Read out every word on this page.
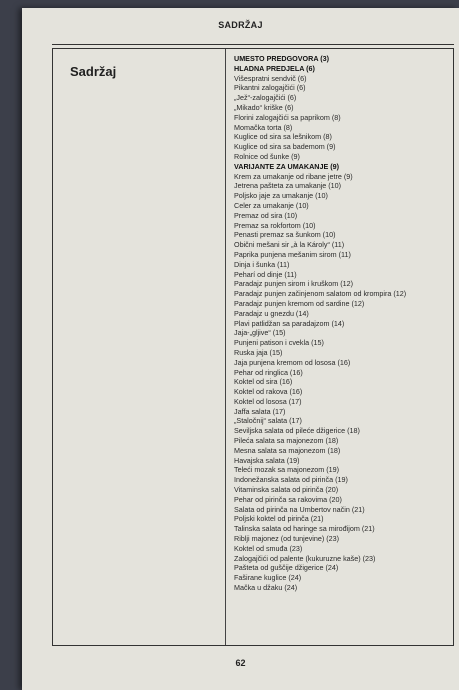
SADRŽAJ
Sadržaj
UMESTO PREDGOVORA (3)
HLADNA PREDJELA (6)
Višespratni sendvič (6)
Pikantni zalogajčići (6)
„Jež“-zalogajčići (6)
„Mikado“ kriške (6)
Florini zalogajčići sa paprikom (8)
Momačka torta (8)
Kuglice od sira sa lešnikom (8)
Kuglice od sira sa bademom (9)
Rolnice od šunke (9)
VARIJANTE ZA UMAKANJE (9)
Krem za umakanje od ribane jetre (9)
Jetrena pašteta za umakanje (10)
Poljsko jaje za umakanje (10)
Celer za umakanje (10)
Premaz od sira (10)
Premaz sa rokfortom (10)
Penasti premaz sa šunkom (10)
Obični mešani sir „à la Károly“ (11)
Paprika punjena mešanim sirom (11)
Dinja i šunka (11)
Peharí od dinje (11)
Paradajz punjen sirom i kruškom (12)
Paradajz punjen začinjenom salatom od krompira (12)
Paradajz punjen kremom od sardine (12)
Paradajz u gnezdu (14)
Plavi patlidžan sa paradajzom (14)
Jaja-„gljive“ (15)
Punjeni patison i cvekla (15)
Ruska jaja (15)
Jaja punjena kremom od lososa (16)
Pehar od ringlica (16)
Koktel od sira (16)
Koktel od rakova (16)
Koktel od lososa (17)
Jaffa salata (17)
„Staločnij“ salata (17)
Seviljska salata od pileće džigerice (18)
Pileća salata sa majonezom (18)
Mesna salata sa majonezom (18)
Havajska salata (19)
Teleći mozak sa majonezom (19)
Indonežanska salata od pirinča (19)
Vitaminska salata od pirinča (20)
Pehar od pirinča sa rakovima (20)
Salata od pirinča na Umbertov način (21)
Poljski koktel od pirinča (21)
Talinska salata od haringe sa mirođijom (21)
Riblji majonez (od tunjevine) (23)
Koktel od smuđa (23)
Zalogajčići od palente (kukuruzne kaše) (23)
Pašteta od guščije džigerice (24)
Faširane kuglice (24)
Mačka u džaku (24)
62
